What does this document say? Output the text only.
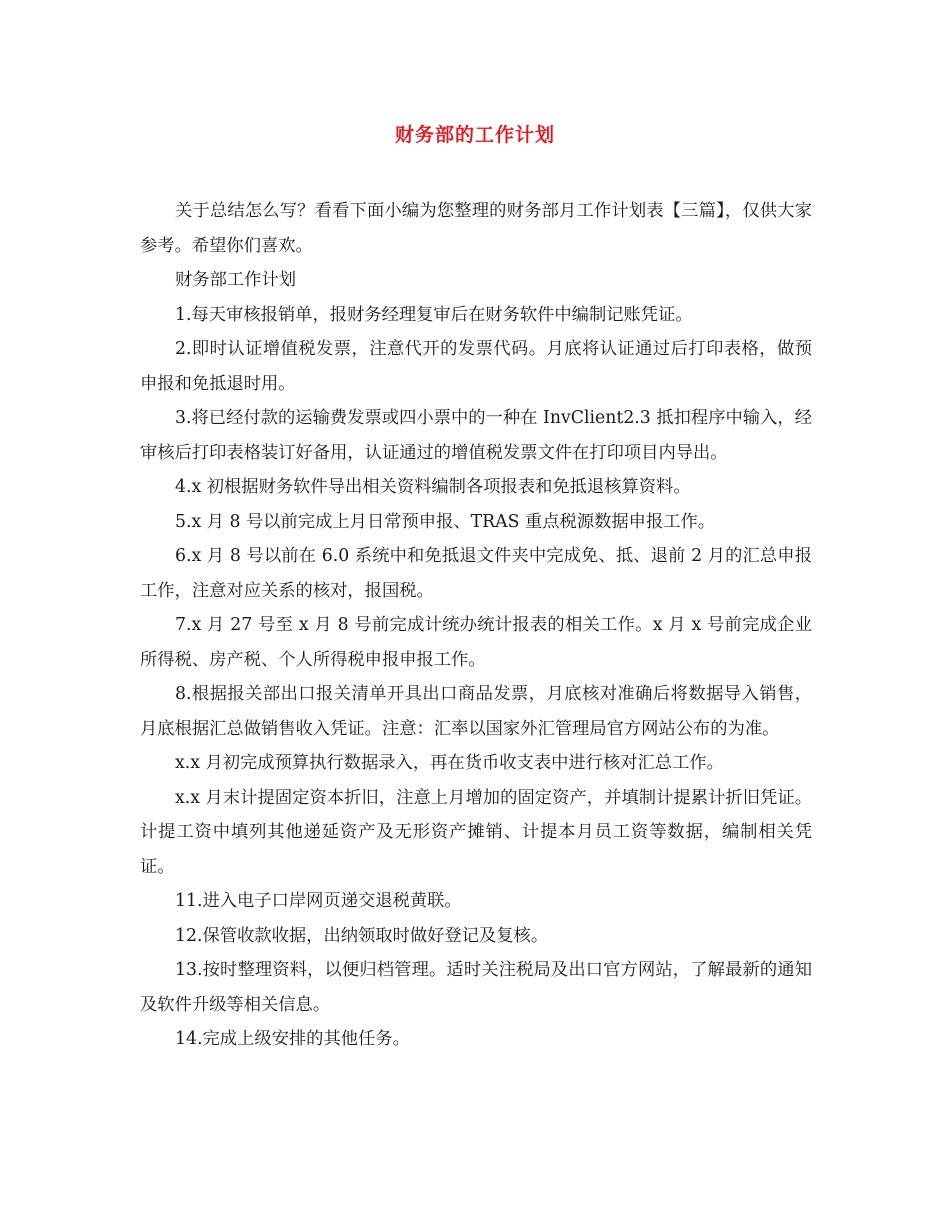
财务部的工作计划

关于总结怎么写？看看下面小编为您整理的财务部月工作计划表【三篇】，仅供大家参考。希望你们喜欢。

财务部工作计划

1.每天审核报销单，报财务经理复审后在财务软件中编制记账凭证。

2.即时认证增值税发票，注意代开的发票代码。月底将认证通过后打印表格，做预申报和免抵退时用。

3.将已经付款的运输费发票或四小票中的一种在 InvClient2.3 抵扣程序中输入，经审核后打印表格装订好备用，认证通过的增值税发票文件在打印项目内导出。

4.x 初根据财务软件导出相关资料编制各项报表和免抵退核算资料。

5.x 月 8 号以前完成上月日常预申报、TRAS 重点税源数据申报工作。

6.x 月 8 号以前在 6.0 系统中和免抵退文件夹中完成免、抵、退前 2 月的汇总申报工作，注意对应关系的核对，报国税。

7.x 月 27 号至 x 月 8 号前完成计统办统计报表的相关工作。x 月 x 号前完成企业所得税、房产税、个人所得税申报申报工作。

8.根据报关部出口报关清单开具出口商品发票，月底核对准确后将数据导入销售，月底根据汇总做销售收入凭证。注意：汇率以国家外汇管理局官方网站公布的为准。

x.x 月初完成预算执行数据录入，再在货币收支表中进行核对汇总工作。

x.x 月末计提固定资本折旧，注意上月增加的固定资产，并填制计提累计折旧凭证。计提工资中填列其他递延资产及无形资产摊销、计提本月员工资等数据，编制相关凭证。

11.进入电子口岸网页递交退税黄联。

12.保管收款收据，出纳领取时做好登记及复核。

13.按时整理资料，以便归档管理。适时关注税局及出口官方网站，了解最新的通知及软件升级等相关信息。

14.完成上级安排的其他任务。
